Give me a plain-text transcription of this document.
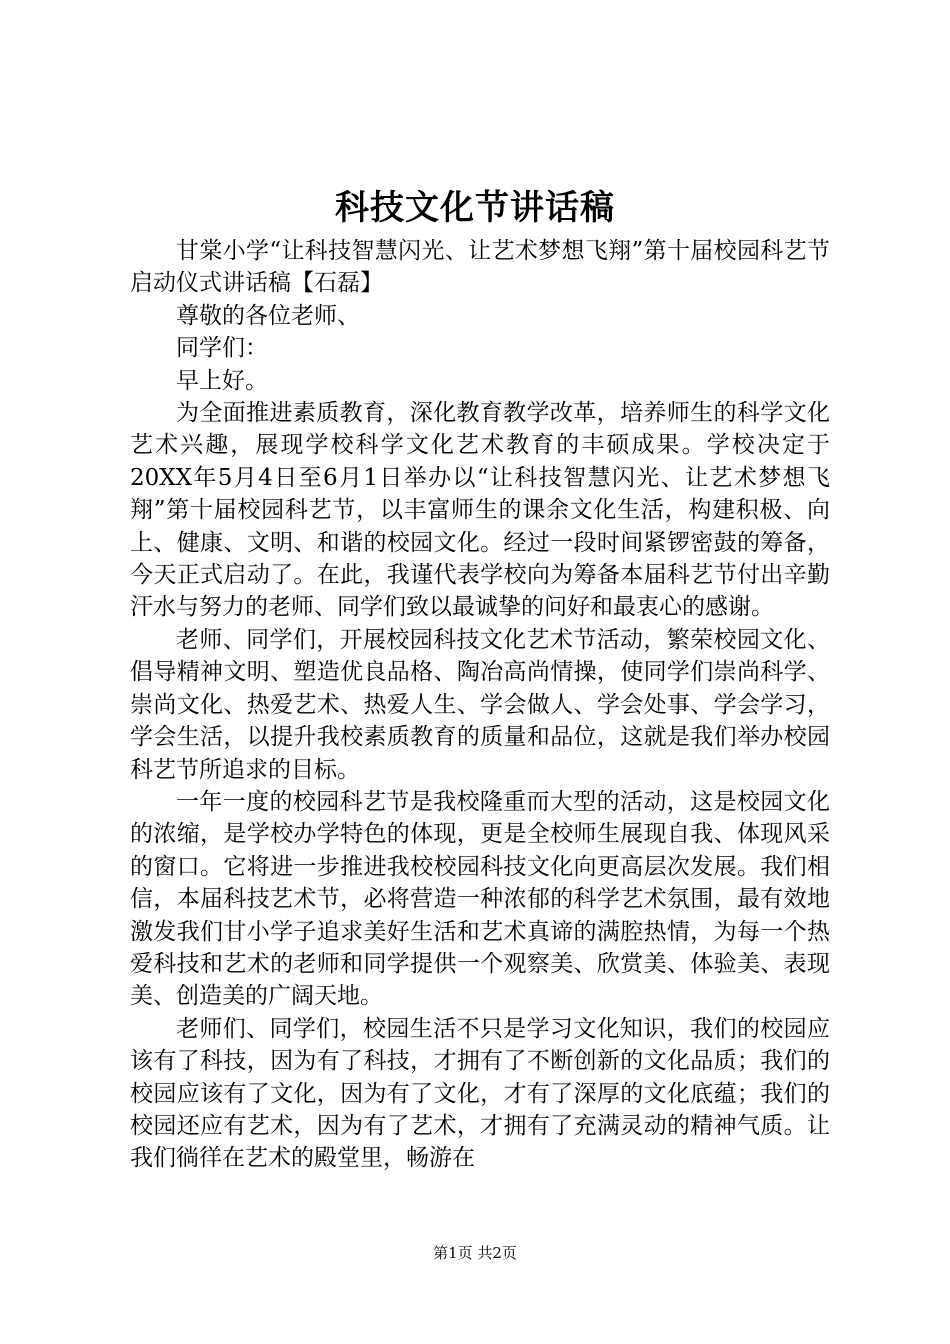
科技文化节讲话稿

甘棠小学“让科技智慧闪光、让艺术梦想飞翔”第十届校园科艺节启动仪式讲话稿【石磊】

尊敬的各位老师、

同学们：

早上好。

为全面推进素质教育，深化教育教学改革，培养师生的科学文化艺术兴趣，展现学校科学文化艺术教育的丰硕成果。学校决定于20XX年5月4日至6月1日举办以“让科技智慧闪光、让艺术梦想飞翔”第十届校园科艺节，以丰富师生的课余文化生活，构建积极、向上、健康、文明、和谐的校园文化。经过一段时间紧锣密鼓的筹备，今天正式启动了。在此，我谨代表学校向为筹备本届科艺节付出辛勤汗水与努力的老师、同学们致以最诚挚的问好和最衷心的感谢。

老师、同学们，开展校园科技文化艺术节活动，繁荣校园文化、倡导精神文明、塑造优良品格、陶冶高尚情操，使同学们崇尚科学、崇尚文化、热爱艺术、热爱人生、学会做人、学会处事、学会学习，学会生活，以提升我校素质教育的质量和品位，这就是我们举办校园科艺节所追求的目标。

一年一度的校园科艺节是我校隆重而大型的活动，这是校园文化的浓缩，是学校办学特色的体现，更是全校师生展现自我、体现风采的窗口。它将进一步推进我校校园科技文化向更高层次发展。我们相信，本届科技艺术节，必将营造一种浓郁的科学艺术氛围，最有效地激发我们甘小学子追求美好生活和艺术真谛的满腔热情，为每一个热爱科技和艺术的老师和同学提供一个观察美、欣赏美、体验美、表现美、创造美的广阔天地。

老师们、同学们，校园生活不只是学习文化知识，我们的校园应该有了科技，因为有了科技，才拥有了不断创新的文化品质；我们的校园应该有了文化，因为有了文化，才有了深厚的文化底蕴；我们的校园还应有艺术，因为有了艺术，才拥有了充满灵动的精神气质。让我们徜徉在艺术的殿堂里，畅游在

第1页 共2页
